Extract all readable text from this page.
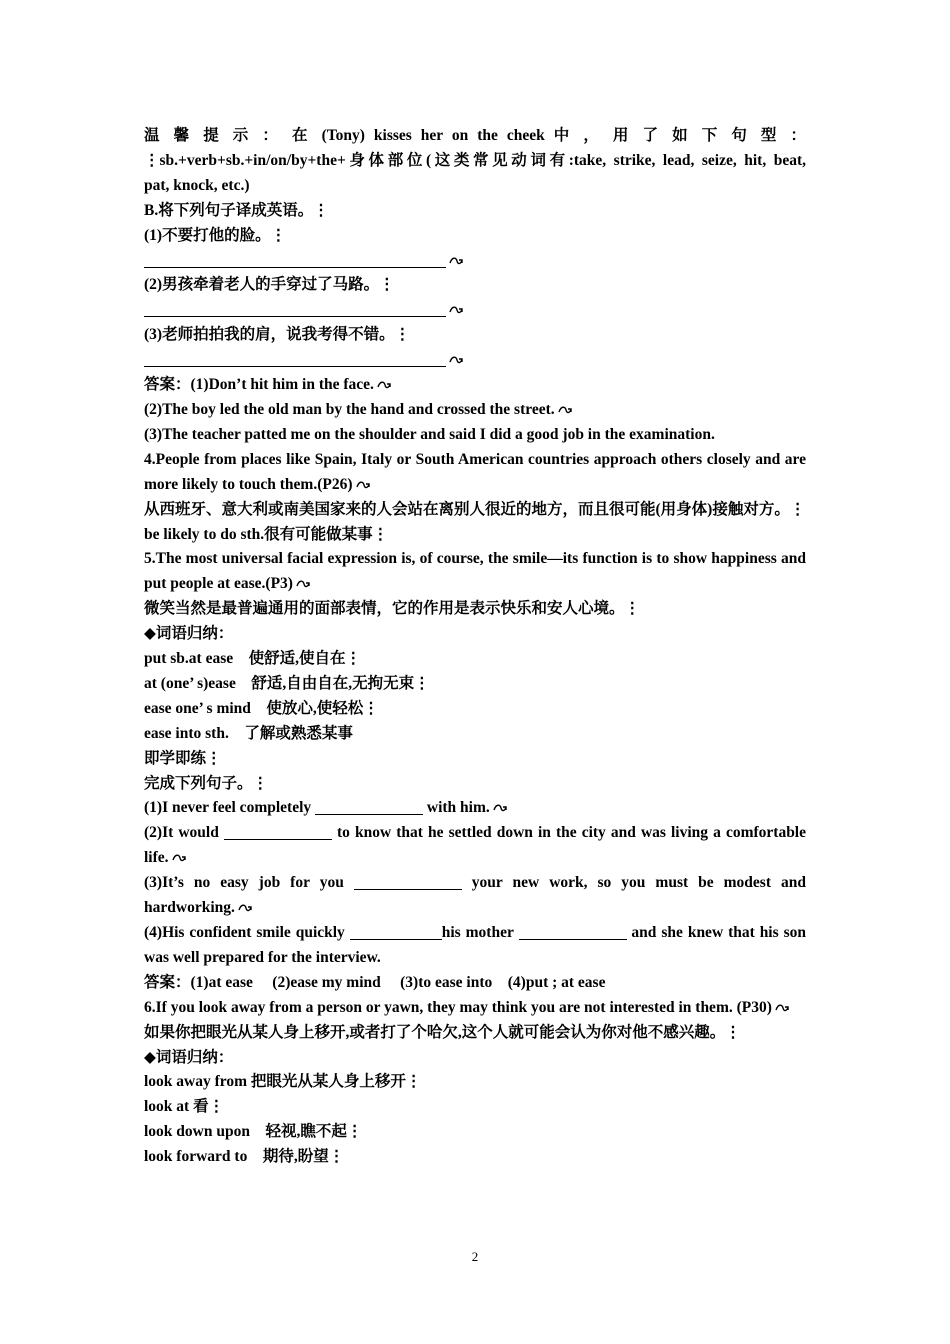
温 馨 提 示 ： 在 (Tony) kisses her on the cheek 中 ， 用 了 如 下 句 型 ：
⋮sb.+verb+sb.+in/on/by+the+身体部位(这类常见动词有:take, strike, lead, seize, hit, beat,
pat, knock, etc.)
B.将下列句子译成英语。⋮
(1)不要打他的脸。⋮
(2)男孩牵着老人的手穿过了马路。⋮
(3)老师拍拍我的肩，说我考得不错。⋮
答案：(1)Don’t hit him in the face.
(2)The boy led the old man by the hand and crossed the street.
(3)The teacher patted me on the shoulder and said I did a good job in the examination.
4.People from places like Spain, Italy or South American countries approach others closely and are more likely to touch them.(P26)
从西班牙、意大利或南美国家来的人会站在离别人很近的地方，而且很可能(用身体)接触对方。⋮
be likely to do sth.很有可能做某事⋮
5.The most universal facial expression is, of course, the smile—its function is to show happiness and put people at ease.(P3)
微笑当然是最普遍通用的面部表情，它的作用是表示快乐和安人心境。⋮
◆词语归纳：
put sb.at ease　使舒适,使自在⋮
at (one’ s)ease　舒适,自由自在,无拘无束⋮
ease one’ s mind　使放心,使轻松⋮
ease into sth.　了解或熟悉某事
即学即练⋮
完成下列句子。⋮
(1)I never feel completely	with him.
(2)It would	to know that he settled down in the city and was living a comfortable life.
(3)It’s no easy job for you	your new work, so you must be modest and hardworking.
(4)His confident smile quickly	his mother	and she knew that his son was well prepared for the interview.
答案：(1)at ease　 (2)ease my mind　 (3)to ease into　(4)put ; at ease
6.If you look away from a person or yawn, they may think you are not interested in them. (P30)
如果你把眼光从某人身上移开,或者打了个哈欠,这个人就可能会认为你对他不感兴趣。⋮
◆词语归纳：
look away from 把眼光从某人身上移开⋮
look at 看⋮
look down upon　轻视,瞧不起⋮
look forward to　期待,盼望⋮
2
